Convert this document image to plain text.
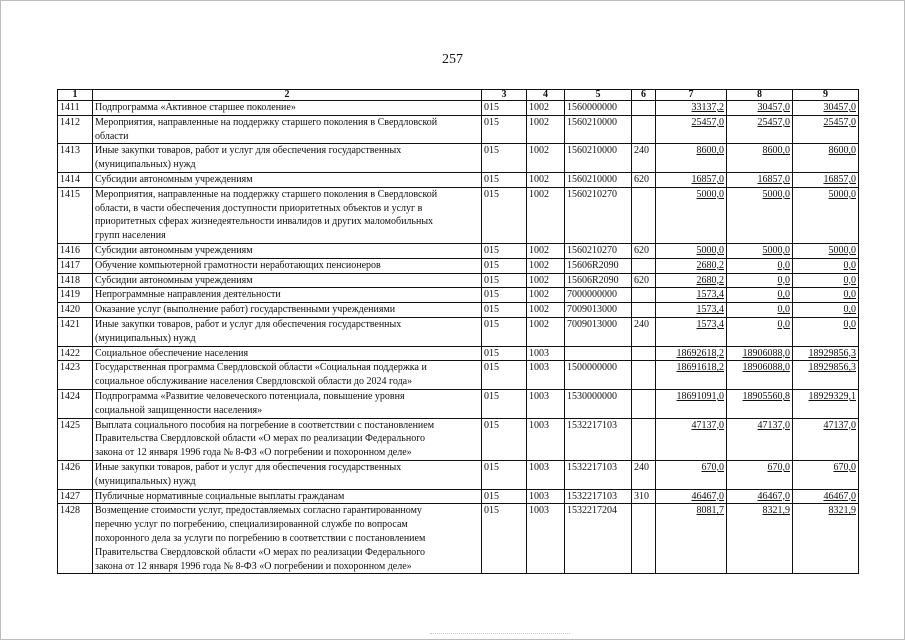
257
1	2	3	4	5	6	7	8	9
1411	Подпрограмма «Активное старшее поколение»	015	1002	1560000000		33137,2	30457,0	30457,0
1412	Мероприятия, направленные на поддержку старшего поколения в Свердловской
области	015	1002	1560210000		25457,0	25457,0	25457,0
1413	Иные закупки товаров, работ и услуг для обеспечения государственных
(муниципальных) нужд	015	1002	1560210000	240	8600,0	8600,0	8600,0
1414	Субсидии автономным учреждениям	015	1002	1560210000	620	16857,0	16857,0	16857,0
1415	Мероприятия, направленные на поддержку старшего поколения в Свердловской
области, в части обеспечения доступности приоритетных объектов и услуг в
приоритетных сферах жизнедеятельности инвалидов и других маломобильных
групп населения	015	1002	1560210270		5000,0	5000,0	5000,0
1416	Субсидии автономным учреждениям	015	1002	1560210270	620	5000,0	5000,0	5000,0
1417	Обучение компьютерной грамотности неработающих пенсионеров	015	1002	15606R2090		2680,2	0,0	0,0
1418	Субсидии автономным учреждениям	015	1002	15606R2090	620	2680,2	0,0	0,0
1419	Непрограммные направления деятельности	015	1002	7000000000		1573,4	0,0	0,0
1420	Оказание услуг (выполнение работ) государственными учреждениями	015	1002	7009013000		1573,4	0,0	0,0
1421	Иные закупки товаров, работ и услуг для обеспечения государственных
(муниципальных) нужд	015	1002	7009013000	240	1573,4	0,0	0,0
1422	Социальное обеспечение населения	015	1003			18692618,2	18906088,0	18929856,3
1423	Государственная программа Свердловской области «Социальная поддержка и
социальное обслуживание населения Свердловской области до 2024 года»	015	1003	1500000000		18691618,2	18906088,0	18929856,3
1424	Подпрограмма «Развитие человеческого потенциала, повышение уровня
социальной защищенности населения»	015	1003	1530000000		18691091,0	18905560,8	18929329,1
1425	Выплата социального пособия на погребение в соответствии с постановлением
Правительства Свердловской области «О мерах по реализации Федерального
закона от 12 января 1996 года № 8-ФЗ «О погребении и похоронном деле»	015	1003	1532217103		47137,0	47137,0	47137,0
1426	Иные закупки товаров, работ и услуг для обеспечения государственных
(муниципальных) нужд	015	1003	1532217103	240	670,0	670,0	670,0
1427	Публичные нормативные социальные выплаты гражданам	015	1003	1532217103	310	46467,0	46467,0	46467,0
1428	Возмещение стоимости услуг, предоставляемых согласно гарантированному
перечню услуг по погребению, специализированной службе по вопросам
похоронного дела за услуги по погребению в соответствии с постановлением
Правительства Свердловской области «О мерах по реализации Федерального
закона от 12 января 1996 года № 8-ФЗ «О погребении и похоронном деле»	015	1003	1532217204		8081,7	8321,9	8321,9
